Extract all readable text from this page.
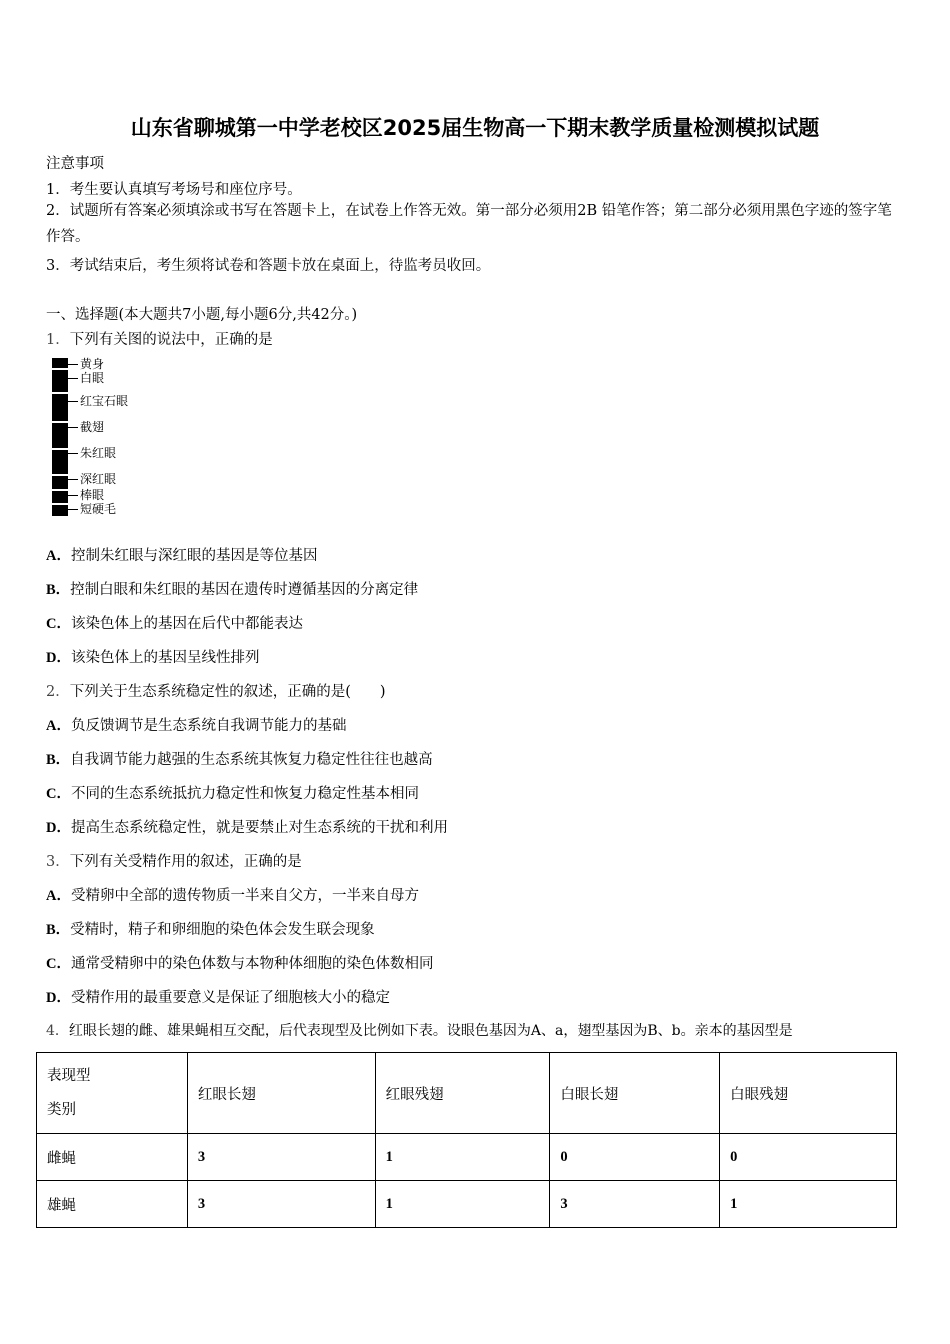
山东省聊城第一中学老校区2025届生物高一下期末教学质量检测模拟试题
注意事项
1．考生要认真填写考场号和座位序号。
2．试题所有答案必须填涂或书写在答题卡上，在试卷上作答无效。第一部分必须用2B 铅笔作答；第二部分必须用黑色字迹的签字笔作答。
3．考试结束后，考生须将试卷和答题卡放在桌面上，待监考员收回。
一、选择题(本大题共7小题,每小题6分,共42分。)
1．下列有关图的说法中，正确的是
黄身
白眼
红宝石眼
截翅
朱红眼
深红眼
棒眼
短硬毛
A．控制朱红眼与深红眼的基因是等位基因
B．控制白眼和朱红眼的基因在遗传时遵循基因的分离定律
C．该染色体上的基因在后代中都能表达
D．该染色体上的基因呈线性排列
2．下列关于生态系统稳定性的叙述，正确的是(　　)
A．负反馈调节是生态系统自我调节能力的基础
B．自我调节能力越强的生态系统其恢复力稳定性往往也越高
C．不同的生态系统抵抗力稳定性和恢复力稳定性基本相同
D．提高生态系统稳定性，就是要禁止对生态系统的干扰和利用
3．下列有关受精作用的叙述，正确的是
A．受精卵中全部的遗传物质一半来自父方，一半来自母方
B．受精时，精子和卵细胞的染色体会发生联会现象
C．通常受精卵中的染色体数与本物种体细胞的染色体数相同
D．受精作用的最重要意义是保证了细胞核大小的稳定
4．红眼长翅的雌、雄果蝇相互交配，后代表现型及比例如下表。设眼色基因为A、a，翅型基因为B、b。亲本的基因型是
表现型
类别	红眼长翅	红眼残翅	白眼长翅	白眼残翅
雌蝇	3	1	0	0
雄蝇	3	1	3	1
